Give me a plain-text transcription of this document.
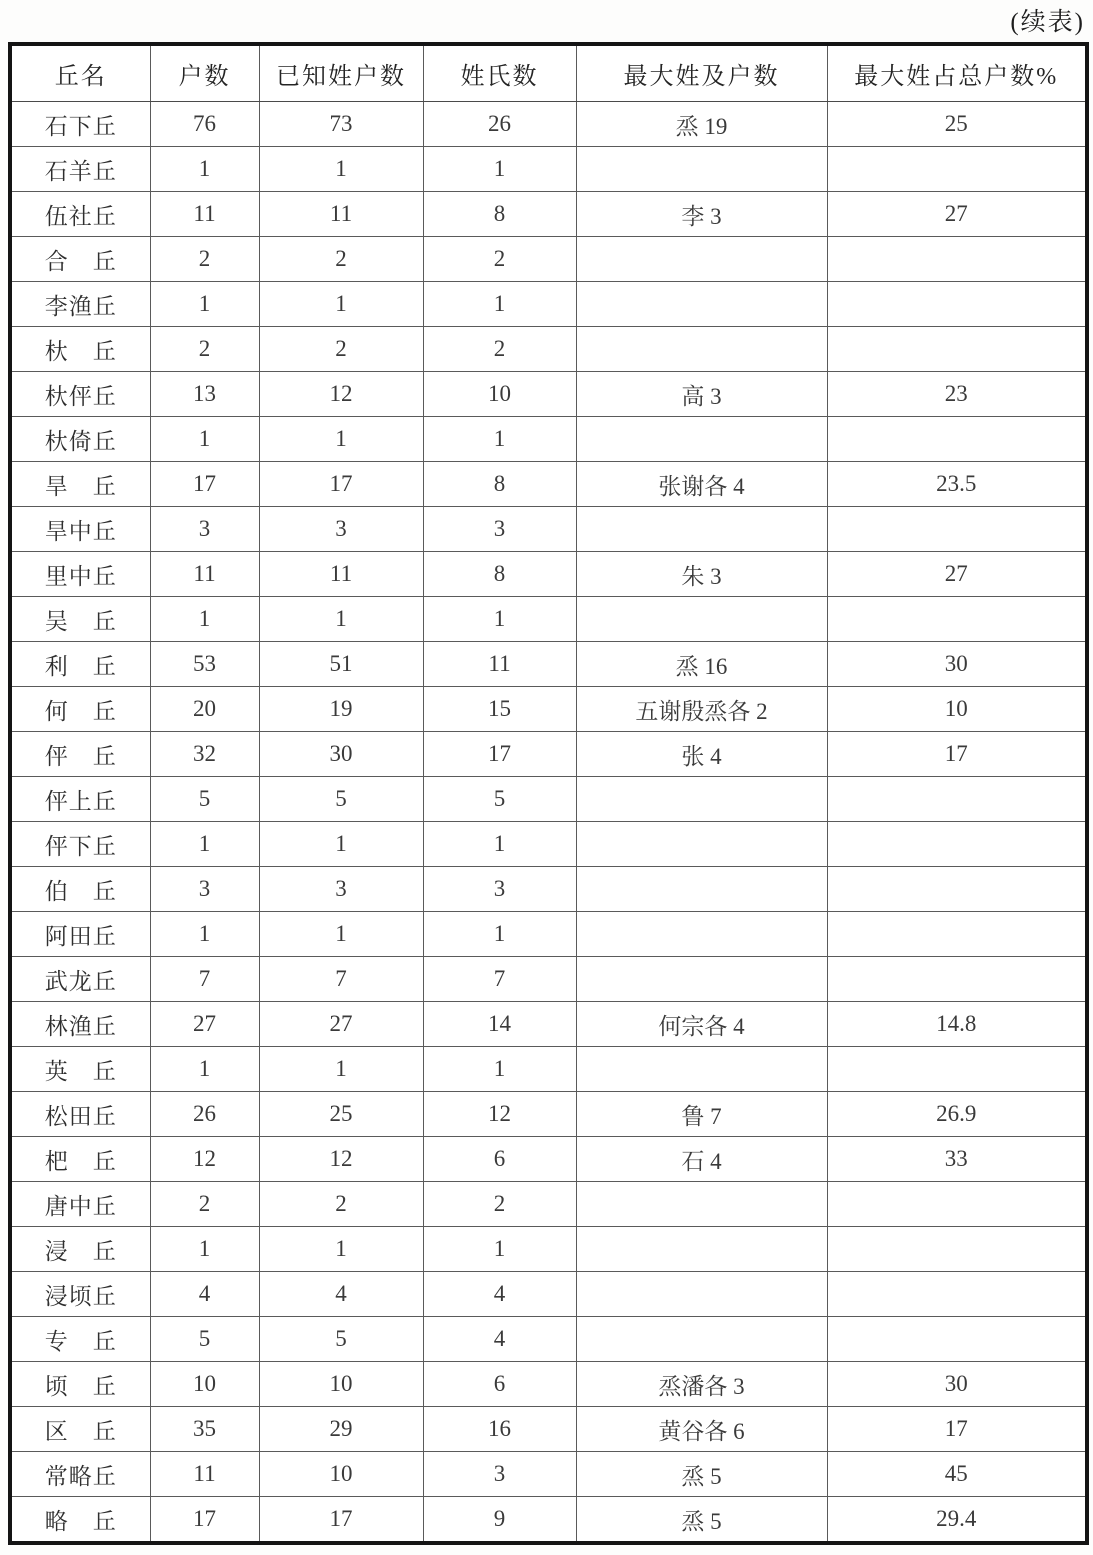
(续表)
丘名	户数	已知姓户数	姓氏数	最大姓及户数	最大姓占总户数%
石下丘	76	73	26	烝 19	25
石羊丘	1	1	1		
伍社丘	11	11	8	李 3	27
合　丘	2	2	2		
李渔丘	1	1	1		
杕　丘	2	2	2		
杕伻丘	13	12	10	高 3	23
杕倚丘	1	1	1		
旱　丘	17	17	8	张谢各 4	23.5
旱中丘	3	3	3		
里中丘	11	11	8	朱 3	27
吴　丘	1	1	1		
利　丘	53	51	11	烝 16	30
何　丘	20	19	15	五谢殷烝各 2	10
伻　丘	32	30	17	张 4	17
伻上丘	5	5	5		
伻下丘	1	1	1		
伯　丘	3	3	3		
阿田丘	1	1	1		
武龙丘	7	7	7		
林渔丘	27	27	14	何宗各 4	14.8
英　丘	1	1	1		
松田丘	26	25	12	鲁 7	26.9
杷　丘	12	12	6	石 4	33
唐中丘	2	2	2		
浸　丘	1	1	1		
浸顷丘	4	4	4		
专　丘	5	5	4		
顷　丘	10	10	6	烝潘各 3	30
区　丘	35	29	16	黄谷各 6	17
常略丘	11	10	3	烝 5	45
略　丘	17	17	9	烝 5	29.4
